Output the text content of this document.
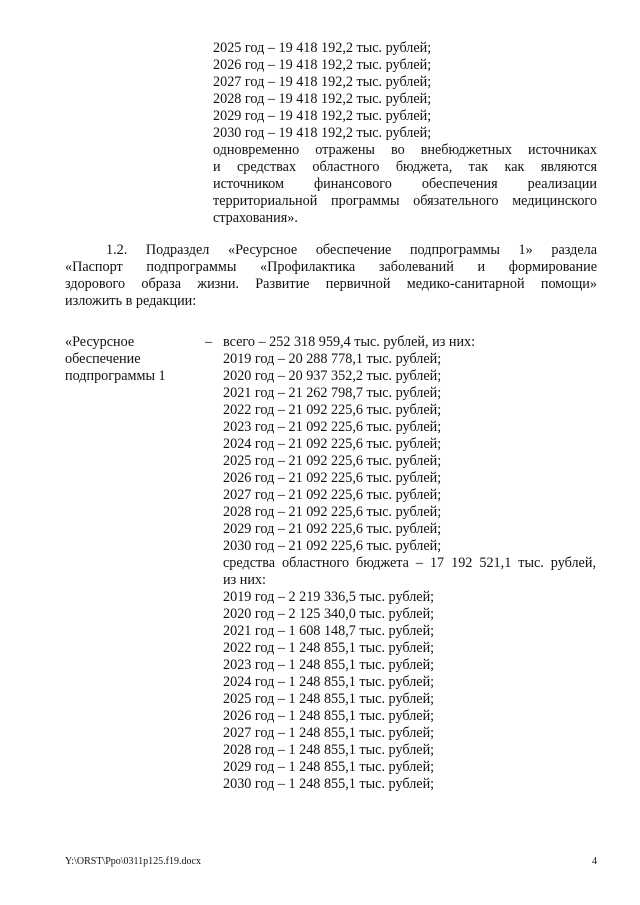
2025 год – 19 418 192,2 тыс. рублей;
2026 год – 19 418 192,2 тыс. рублей;
2027 год – 19 418 192,2 тыс. рублей;
2028 год – 19 418 192,2 тыс. рублей;
2029 год – 19 418 192,2 тыс. рублей;
2030 год – 19 418 192,2 тыс. рублей;
одновременно отражены во внебюджетных источниках
и средствах областного бюджета, так как являются
источником финансового обеспечения реализации
территориальной программы обязательного медицинского
страхования».
1.2. Подраздел «Ресурсное обеспечение подпрограммы 1» раздела
«Паспорт подпрограммы «Профилактика заболеваний и формирование
здорового образа жизни. Развитие первичной медико-санитарной помощи»
изложить в редакции:
«Ресурсное
обеспечение
подпрограммы 1
– всего – 252 318 959,4 тыс. рублей, из них:
2019 год – 20 288 778,1 тыс. рублей;
2020 год – 20 937 352,2 тыс. рублей;
2021 год – 21 262 798,7 тыс. рублей;
2022 год – 21 092 225,6 тыс. рублей;
2023 год – 21 092 225,6 тыс. рублей;
2024 год – 21 092 225,6 тыс. рублей;
2025 год – 21 092 225,6 тыс. рублей;
2026 год – 21 092 225,6 тыс. рублей;
2027 год – 21 092 225,6 тыс. рублей;
2028 год – 21 092 225,6 тыс. рублей;
2029 год – 21 092 225,6 тыс. рублей;
2030 год – 21 092 225,6 тыс. рублей;
средства областного бюджета – 17 192 521,1 тыс. рублей,
из них:
2019 год – 2 219 336,5 тыс. рублей;
2020 год – 2 125 340,0 тыс. рублей;
2021 год – 1 608 148,7 тыс. рублей;
2022 год – 1 248 855,1 тыс. рублей;
2023 год – 1 248 855,1 тыс. рублей;
2024 год – 1 248 855,1 тыс. рублей;
2025 год – 1 248 855,1 тыс. рублей;
2026 год – 1 248 855,1 тыс. рублей;
2027 год – 1 248 855,1 тыс. рублей;
2028 год – 1 248 855,1 тыс. рублей;
2029 год – 1 248 855,1 тыс. рублей;
2030 год – 1 248 855,1 тыс. рублей;
Y:\ORST\Ppo\0311p125.f19.docx	4
